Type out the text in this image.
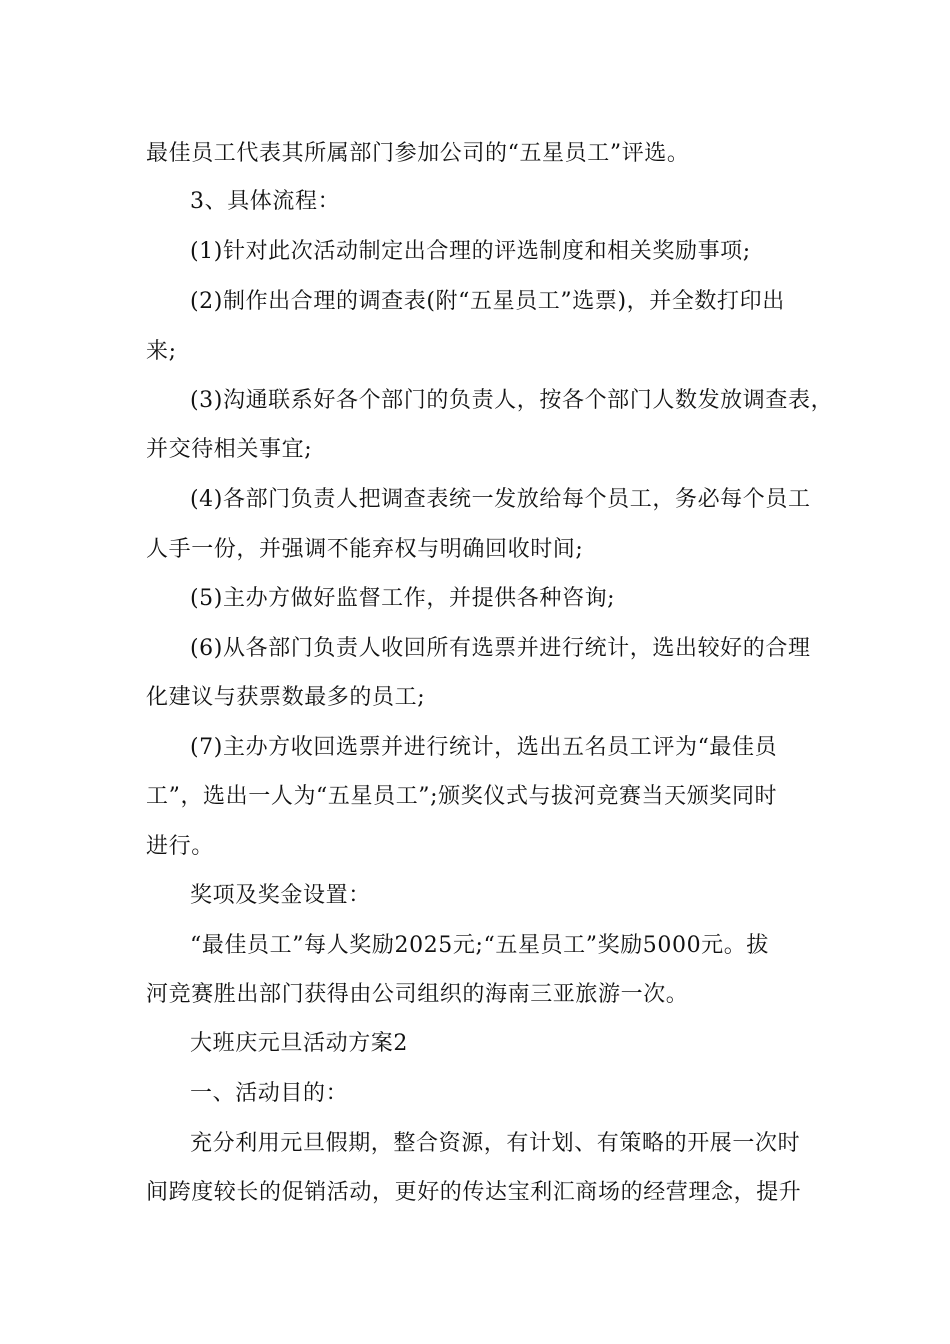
最佳员工代表其所属部门参加公司的“五星员工”评选。
3、具体流程：
(1)针对此次活动制定出合理的评选制度和相关奖励事项;
(2)制作出合理的调查表(附“五星员工”选票)，并全数打印出
来;
(3)沟通联系好各个部门的负责人，按各个部门人数发放调查表，
并交待相关事宜;
(4)各部门负责人把调查表统一发放给每个员工，务必每个员工
人手一份，并强调不能弃权与明确回收时间;
(5)主办方做好监督工作，并提供各种咨询;
(6)从各部门负责人收回所有选票并进行统计，选出较好的合理
化建议与获票数最多的员工;
(7)主办方收回选票并进行统计，选出五名员工评为“最佳员
工”，选出一人为“五星员工”;颁奖仪式与拔河竞赛当天颁奖同时
进行。
奖项及奖金设置：
“最佳员工”每人奖励2025元;“五星员工”奖励5000元。拔
河竞赛胜出部门获得由公司组织的海南三亚旅游一次。
大班庆元旦活动方案2
一、活动目的：
充分利用元旦假期，整合资源，有计划、有策略的开展一次时
间跨度较长的促销活动，更好的传达宝利汇商场的经营理念，提升
